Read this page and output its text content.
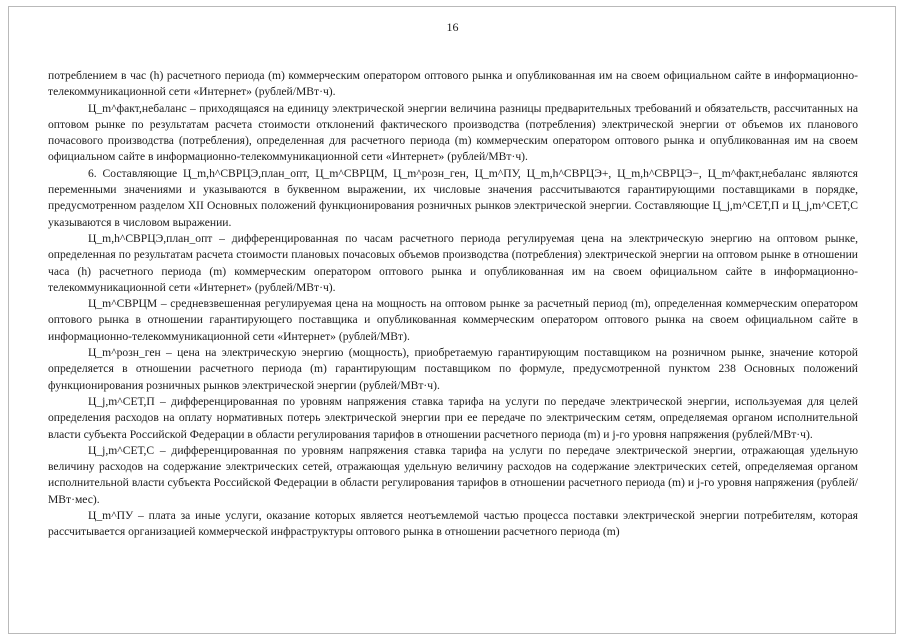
16

потреблением в час (h) расчетного периода (m) коммерческим оператором оптового рынка и опубликованная им на своем официальном сайте в информационно-телекоммуникационной сети «Интернет» (рублей/МВт·ч).

Ц_m^факт,небаланс – приходящаяся на единицу электрической энергии величина разницы предварительных требований и обязательств, рассчитанных на оптовом рынке по результатам расчета стоимости отклонений фактического производства (потребления) электрической энергии от объемов их планового почасового производства (потребления), определенная для расчетного периода (m) коммерческим оператором оптового рынка и опубликованная им на своем официальном сайте в информационно-телекоммуникационной сети «Интернет» (рублей/МВт·ч).

6. Составляющие Ц_m,h^СВРЦЭ,план_опт, Ц_m^СВРЦМ, Ц_m^розн_ген, Ц_m^ПУ, Ц_m,h^СВРЦЭ+, Ц_m,h^СВРЦЭ−, Ц_m^факт,небаланс являются переменными значениями и указываются в буквенном выражении, их числовые значения рассчитываются гарантирующими поставщиками в порядке, предусмотренном разделом XII Основных положений функционирования розничных рынков электрической энергии. Составляющие Ц_j,m^СЕТ,П и Ц_j,m^СЕТ,С указываются в числовом выражении.

Ц_m,h^СВРЦЭ,план_опт – дифференцированная по часам расчетного периода регулируемая цена на электрическую энергию на оптовом рынке, определенная по результатам расчета стоимости плановых почасовых объемов производства (потребления) электрической энергии на оптовом рынке в отношении часа (h) расчетного периода (m) коммерческим оператором оптового рынка и опубликованная им на своем официальном сайте в информационно-телекоммуникационной сети «Интернет» (рублей/МВт·ч).

Ц_m^СВРЦМ – средневзвешенная регулируемая цена на мощность на оптовом рынке за расчетный период (m), определенная коммерческим оператором оптового рынка в отношении гарантирующего поставщика и опубликованная коммерческим оператором оптового рынка на своем официальном сайте в информационно-телекоммуникационной сети «Интернет» (рублей/МВт).

Ц_m^розн_ген – цена на электрическую энергию (мощность), приобретаемую гарантирующим поставщиком на розничном рынке, значение которой определяется в отношении расчетного периода (m) гарантирующим поставщиком по формуле, предусмотренной пунктом 238 Основных положений функционирования розничных рынков электрической энергии (рублей/МВт·ч).

Ц_j,m^СЕТ,П – дифференцированная по уровням напряжения ставка тарифа на услуги по передаче электрической энергии, используемая для целей определения расходов на оплату нормативных потерь электрической энергии при ее передаче по электрическим сетям, определяемая органом исполнительной власти субъекта Российской Федерации в области регулирования тарифов в отношении расчетного периода (m) и j-го уровня напряжения (рублей/МВт·ч).

Ц_j,m^СЕТ,С – дифференцированная по уровням напряжения ставка тарифа на услуги по передаче электрической энергии, отражающая удельную величину расходов на содержание электрических сетей, отражающая удельную величину расходов на содержание электрических сетей, определяемая органом исполнительной власти субъекта Российской Федерации в области регулирования тарифов в отношении расчетного периода (m) и j-го уровня напряжения (рублей/МВт·мес).

Ц_m^ПУ – плата за иные услуги, оказание которых является неотъемлемой частью процесса поставки электрической энергии потребителям, которая рассчитывается организацией коммерческой инфраструктуры оптового рынка в отношении расчетного периода (m)
